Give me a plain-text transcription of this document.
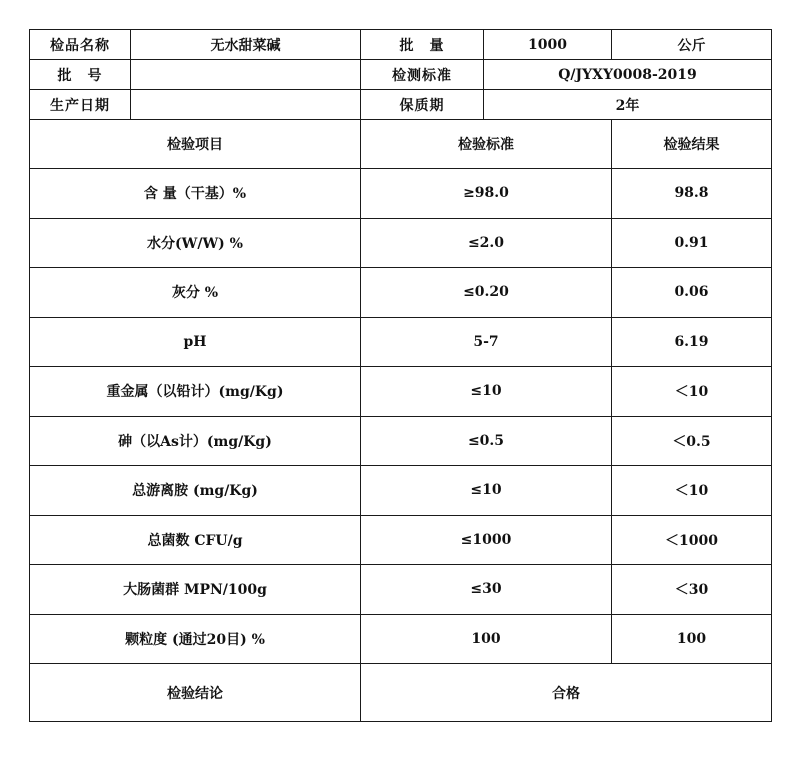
检品名称	无水甜菜碱	批　量	1000	公斤
批　号		检测标准	Q/JYXY0008-2019	
生产日期		保质期	2年	
检验项目		检验标准		检验结果
含 量（干基）%		≥98.0		98.8
水分(W/W) %		≤2.0		0.91
灰分 %		≤0.20		0.06
pH		5-7		6.19
重金属（以铅计）(mg/Kg)		≤10		＜10
砷（以As计）(mg/Kg)		≤0.5		＜0.5
总游离胺 (mg/Kg)		≤10		＜10
总菌数 CFU/g		≤1000		＜1000
大肠菌群 MPN/100g		≤30		＜30
颗粒度 (通过20目) %		100		100
检验结论		合格		
